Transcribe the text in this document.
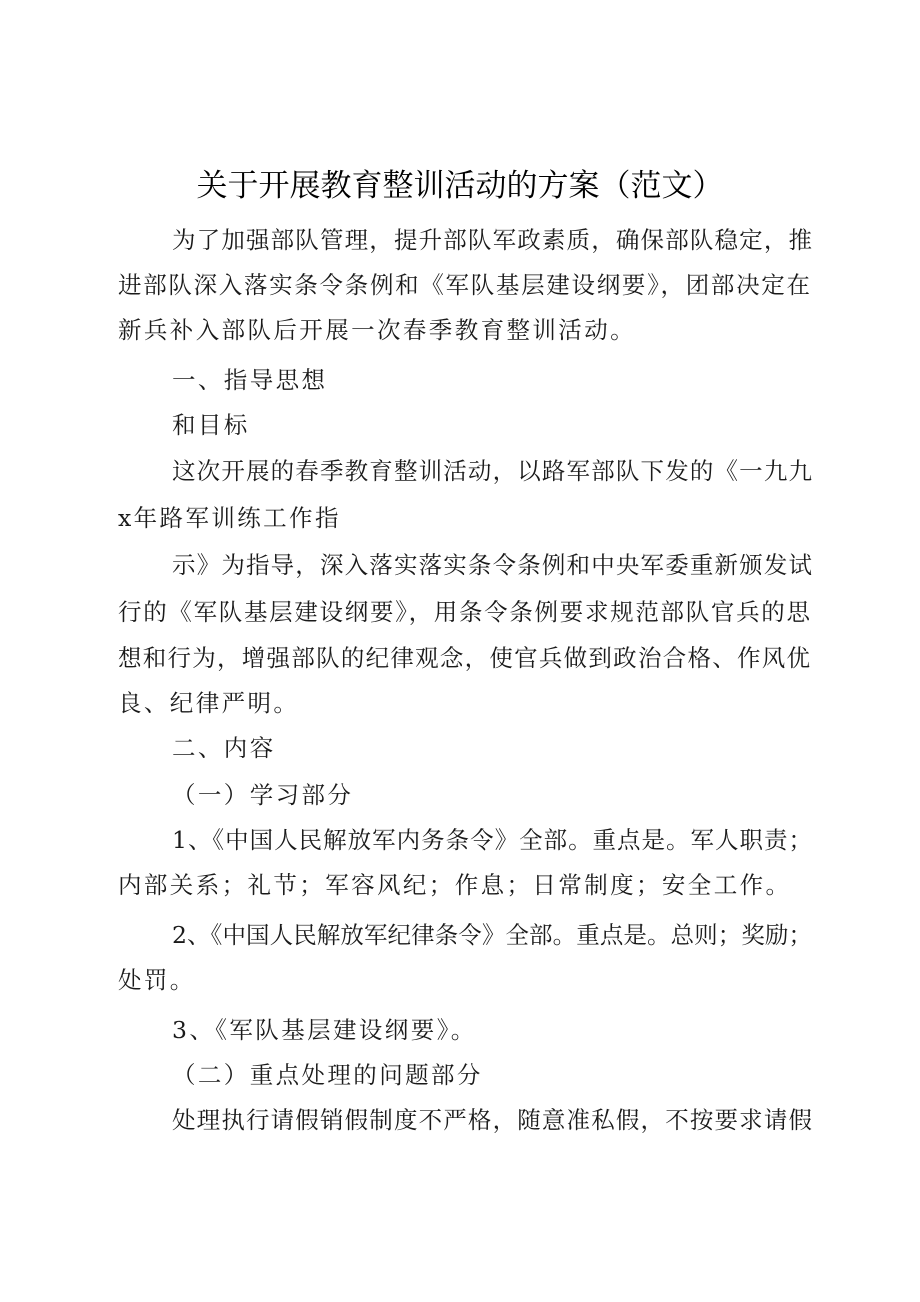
关于开展教育整训活动的方案（范文）
为了加强部队管理，提升部队军政素质，确保部队稳定，推
进部队深入落实条令条例和《军队基层建设纲要》，团部决定在
新兵补入部队后开展一次春季教育整训活动。
一、指导思想
和目标
这次开展的春季教育整训活动，以路军部队下发的《一九九
x年路军训练工作指
示》为指导，深入落实落实条令条例和中央军委重新颁发试
行的《军队基层建设纲要》，用条令条例要求规范部队官兵的思
想和行为，增强部队的纪律观念，使官兵做到政治合格、作风优
良、纪律严明。
二、内容
（一）学习部分
1、《中国人民解放军内务条令》全部。重点是。军人职责；
内部关系；礼节；军容风纪；作息；日常制度；安全工作。
2、《中国人民解放军纪律条令》全部。重点是。总则；奖励；
处罚。
3、《军队基层建设纲要》。
（二）重点处理的问题部分
处理执行请假销假制度不严格，随意准私假，不按要求请假
